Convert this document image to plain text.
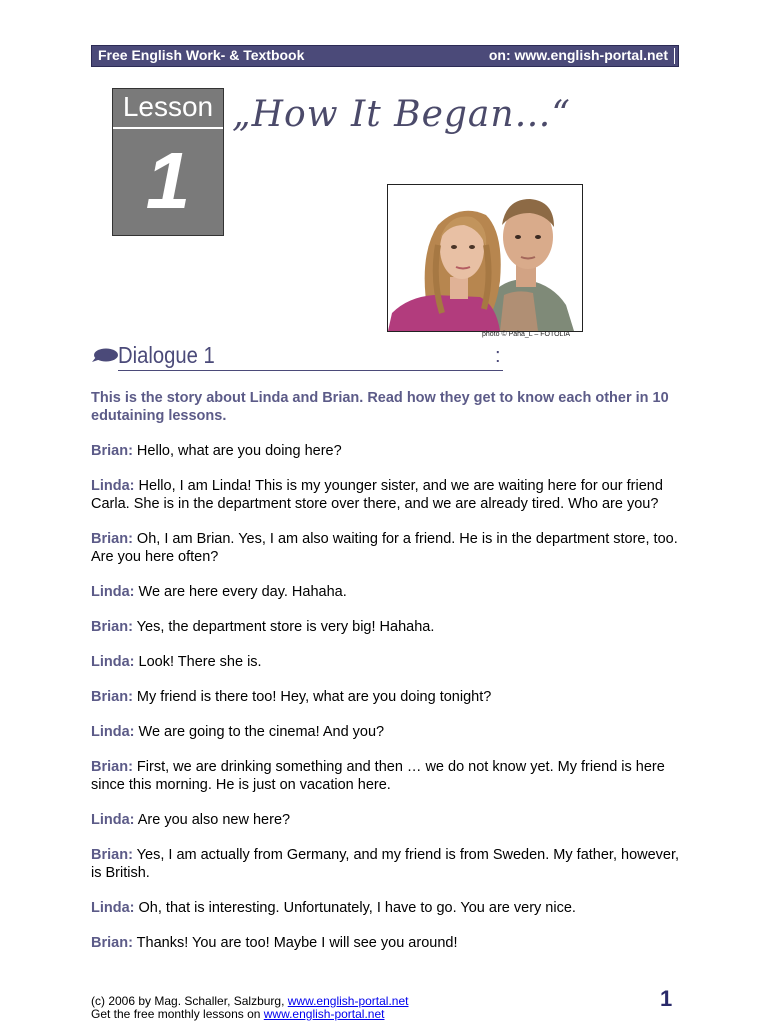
Free English Work- & Textbook	on: www.english-portal.net
Lesson
1
„How It Began…“
photo © Paha_L – FOTOLIA
Dialogue 1	:
This is the story about Linda and Brian. Read how they get to know each other in 10 edutaining lessons.
Brian: Hello, what are you doing here?
Linda: Hello, I am Linda! This is my younger sister, and we are waiting here for our friend Carla. She is in the department store over there, and we are already tired. Who are you?
Brian: Oh, I am Brian. Yes, I am also waiting for a friend. He is in the department store, too. Are you here often?
Linda: We are here every day. Hahaha.
Brian: Yes, the department store is very big! Hahaha.
Linda: Look! There she is.
Brian: My friend is there too! Hey, what are you doing tonight?
Linda: We are going to the cinema! And you?
Brian: First, we are drinking something and then … we do not know yet. My friend is here since this morning. He is just on vacation here.
Linda: Are you also new here?
Brian: Yes, I am actually from Germany, and my friend is from Sweden. My father, however, is British.
Linda: Oh, that is interesting. Unfortunately, I have to go. You are very nice.
Brian: Thanks! You are too! Maybe I will see you around!
(c) 2006 by Mag. Schaller, Salzburg, www.english-portal.net
Get the free monthly lessons on www.english-portal.net
1
